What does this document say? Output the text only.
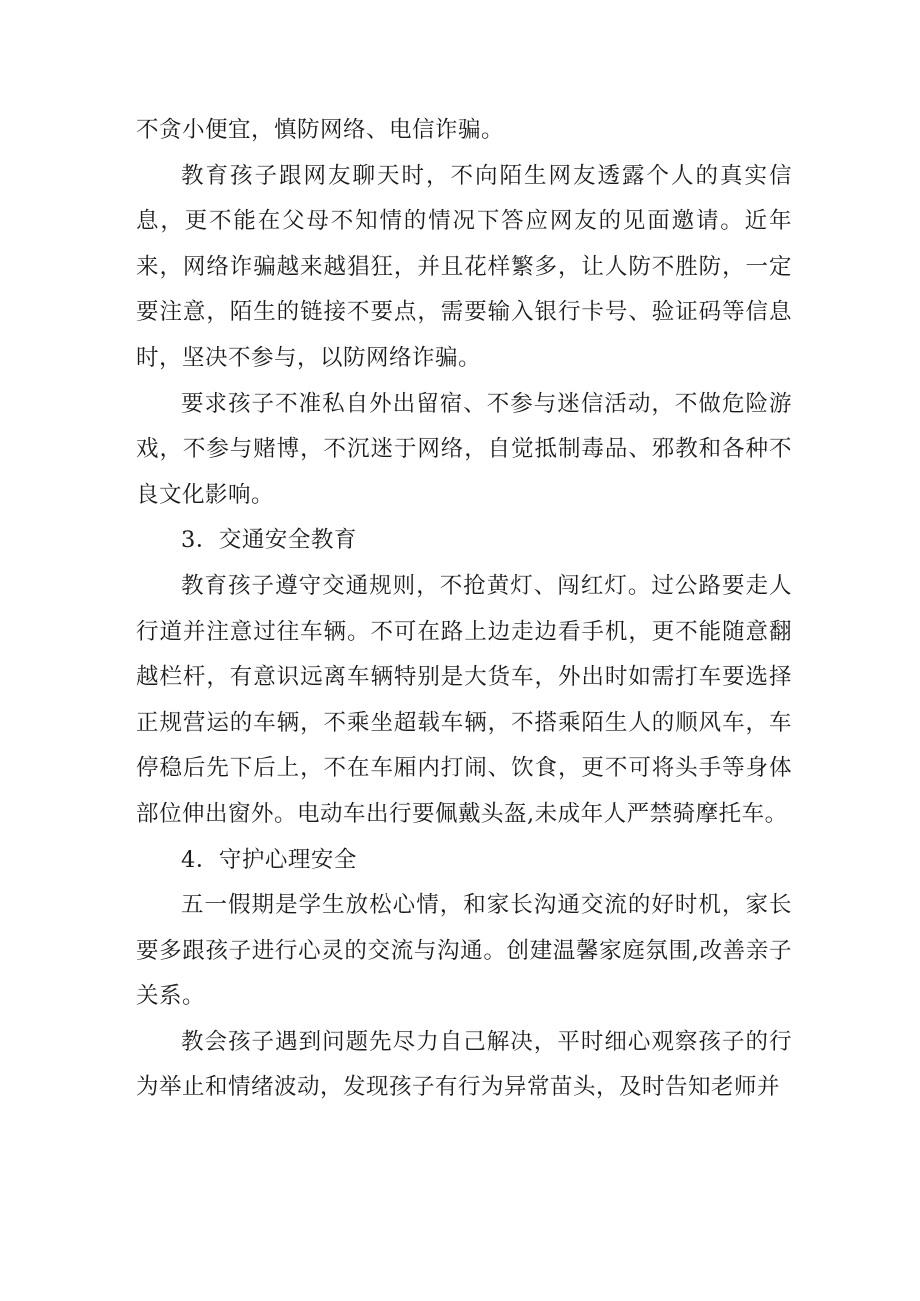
不贪小便宜，慎防网络、电信诈骗。

教育孩子跟网友聊天时，不向陌生网友透露个人的真实信息，更不能在父母不知情的情况下答应网友的见面邀请。近年来，网络诈骗越来越猖狂，并且花样繁多，让人防不胜防，一定要注意，陌生的链接不要点，需要输入银行卡号、验证码等信息时，坚决不参与，以防网络诈骗。

要求孩子不准私自外出留宿、不参与迷信活动，不做危险游戏，不参与赌博，不沉迷于网络，自觉抵制毒品、邪教和各种不良文化影响。

3．交通安全教育

教育孩子遵守交通规则，不抢黄灯、闯红灯。过公路要走人行道并注意过往车辆。不可在路上边走边看手机，更不能随意翻越栏杆，有意识远离车辆特别是大货车，外出时如需打车要选择正规营运的车辆，不乘坐超载车辆，不搭乘陌生人的顺风车，车停稳后先下后上，不在车厢内打闹、饮食，更不可将头手等身体部位伸出窗外。电动车出行要佩戴头盔,未成年人严禁骑摩托车。

4．守护心理安全

五一假期是学生放松心情，和家长沟通交流的好时机，家长要多跟孩子进行心灵的交流与沟通。创建温馨家庭氛围,改善亲子关系。

教会孩子遇到问题先尽力自己解决，平时细心观察孩子的行为举止和情绪波动，发现孩子有行为异常苗头，及时告知老师并
